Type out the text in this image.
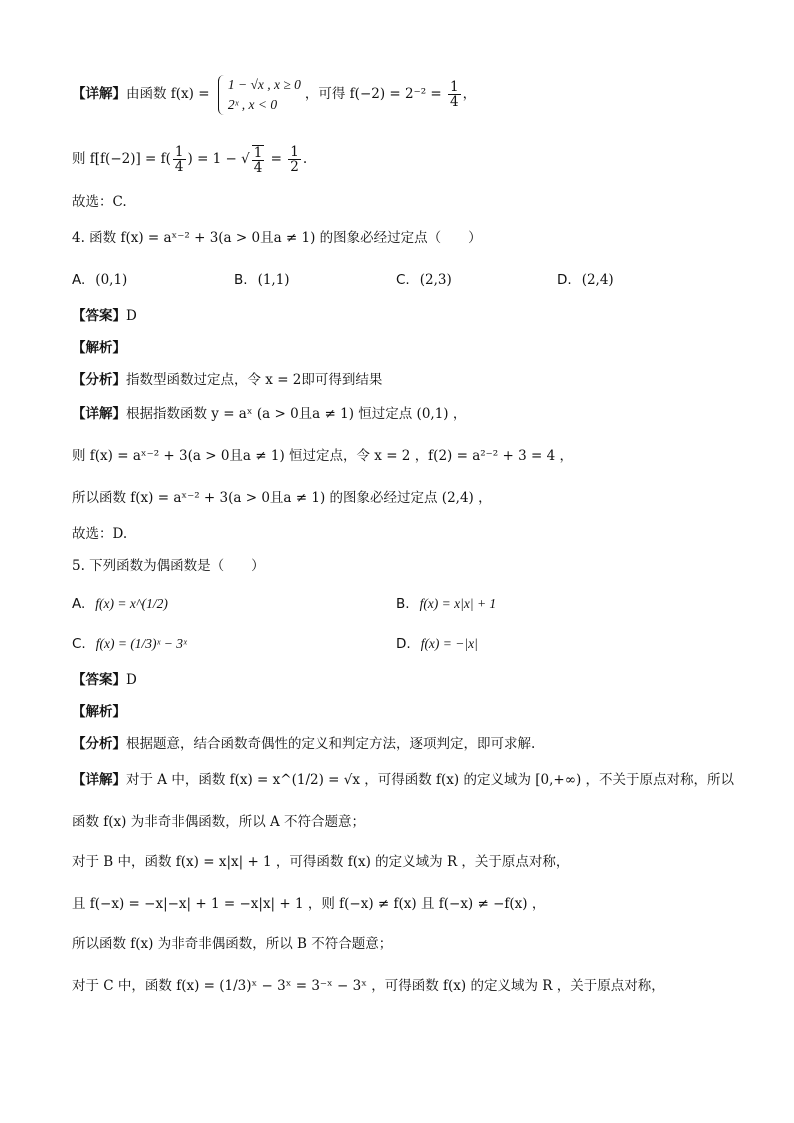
【详解】由函数 f(x) =
1 − √x , x ≥ 0
2ˣ , x < 0
，可得 $f(-2) = 2^{-2} = \frac{1}{4}$ ，
则 $f[f(-2)] = f( \frac{1}{4}$ ) = 1 − √ $\frac{1}{4} = \frac{1}{2}$ .
故选：C.
4. 函数 f(x) = aˣ⁻² + 3(a > 0且a ≠ 1) 的图象必经过定点（　　）
A. (0,1)	B. (1,1)	C. (2,3)	D. (2,4)
【答案】D
【解析】
【分析】指数型函数过定点，令 x = 2即可得到结果
【详解】根据指数函数 y = aˣ (a > 0且a ≠ 1) 恒过定点 (0,1) ，
则 f(x) = aˣ⁻² + 3(a > 0且a ≠ 1) 恒过定点，令 x = 2 ，f(2) = a²⁻² + 3 = 4 ，
所以函数 f(x) = aˣ⁻² + 3(a > 0且a ≠ 1) 的图象必经过定点 (2,4) ，
故选：D.
5. 下列函数为偶函数是（　　）
A. f(x) = x^(1/2)	B. f(x) = x|x| + 1
C. f(x) = (1/3)ˣ − 3ˣ	D. f(x) = −|x|
【答案】D
【解析】
【分析】根据题意，结合函数奇偶性的定义和判定方法，逐项判定，即可求解.
【详解】对于 A 中，函数 f(x) = x^(1/2) = √x ，可得函数 f(x) 的定义域为 [0,+∞) ，不关于原点对称，所以
函数 f(x) 为非奇非偶函数，所以 A 不符合题意；
对于 B 中，函数 f(x) = x|x| + 1 ，可得函数 f(x) 的定义域为 R ，关于原点对称，
且 f(−x) = −x|−x| + 1 = −x|x| + 1 ，则 f(−x) ≠ f(x) 且 f(−x) ≠ −f(x) ，
所以函数 f(x) 为非奇非偶函数，所以 B 不符合题意；
对于 C 中，函数 f(x) = (1/3)ˣ − 3ˣ = 3⁻ˣ − 3ˣ ，可得函数 f(x) 的定义域为 R ，关于原点对称，
